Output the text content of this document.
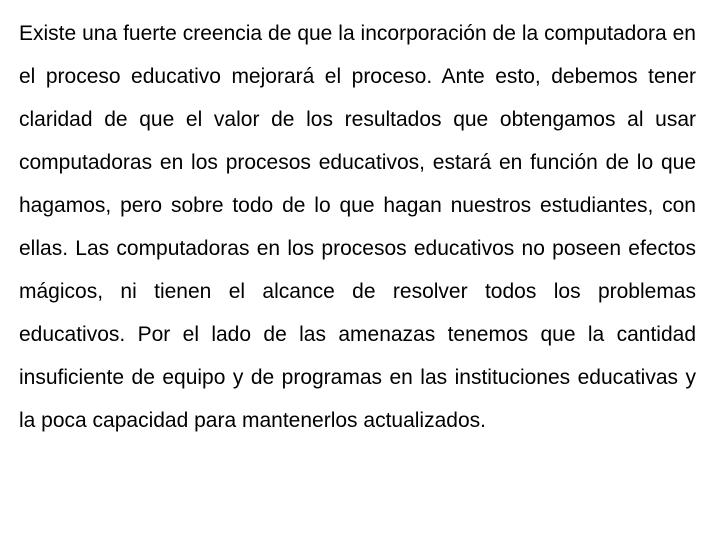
Existe una fuerte creencia de que la incorporación de la computadora en el proceso educativo mejorará el proceso. Ante esto, debemos tener claridad de que el valor de los resultados que obtengamos al usar computadoras en los procesos educativos, estará en función de lo que hagamos, pero sobre todo de lo que hagan nuestros estudiantes, con ellas. Las computadoras en los procesos educativos no poseen efectos mágicos, ni tienen el alcance de resolver todos los problemas educativos. Por el lado de las amenazas tenemos que la cantidad insuficiente de equipo y de programas en las instituciones educativas y la poca capacidad para mantenerlos actualizados.
